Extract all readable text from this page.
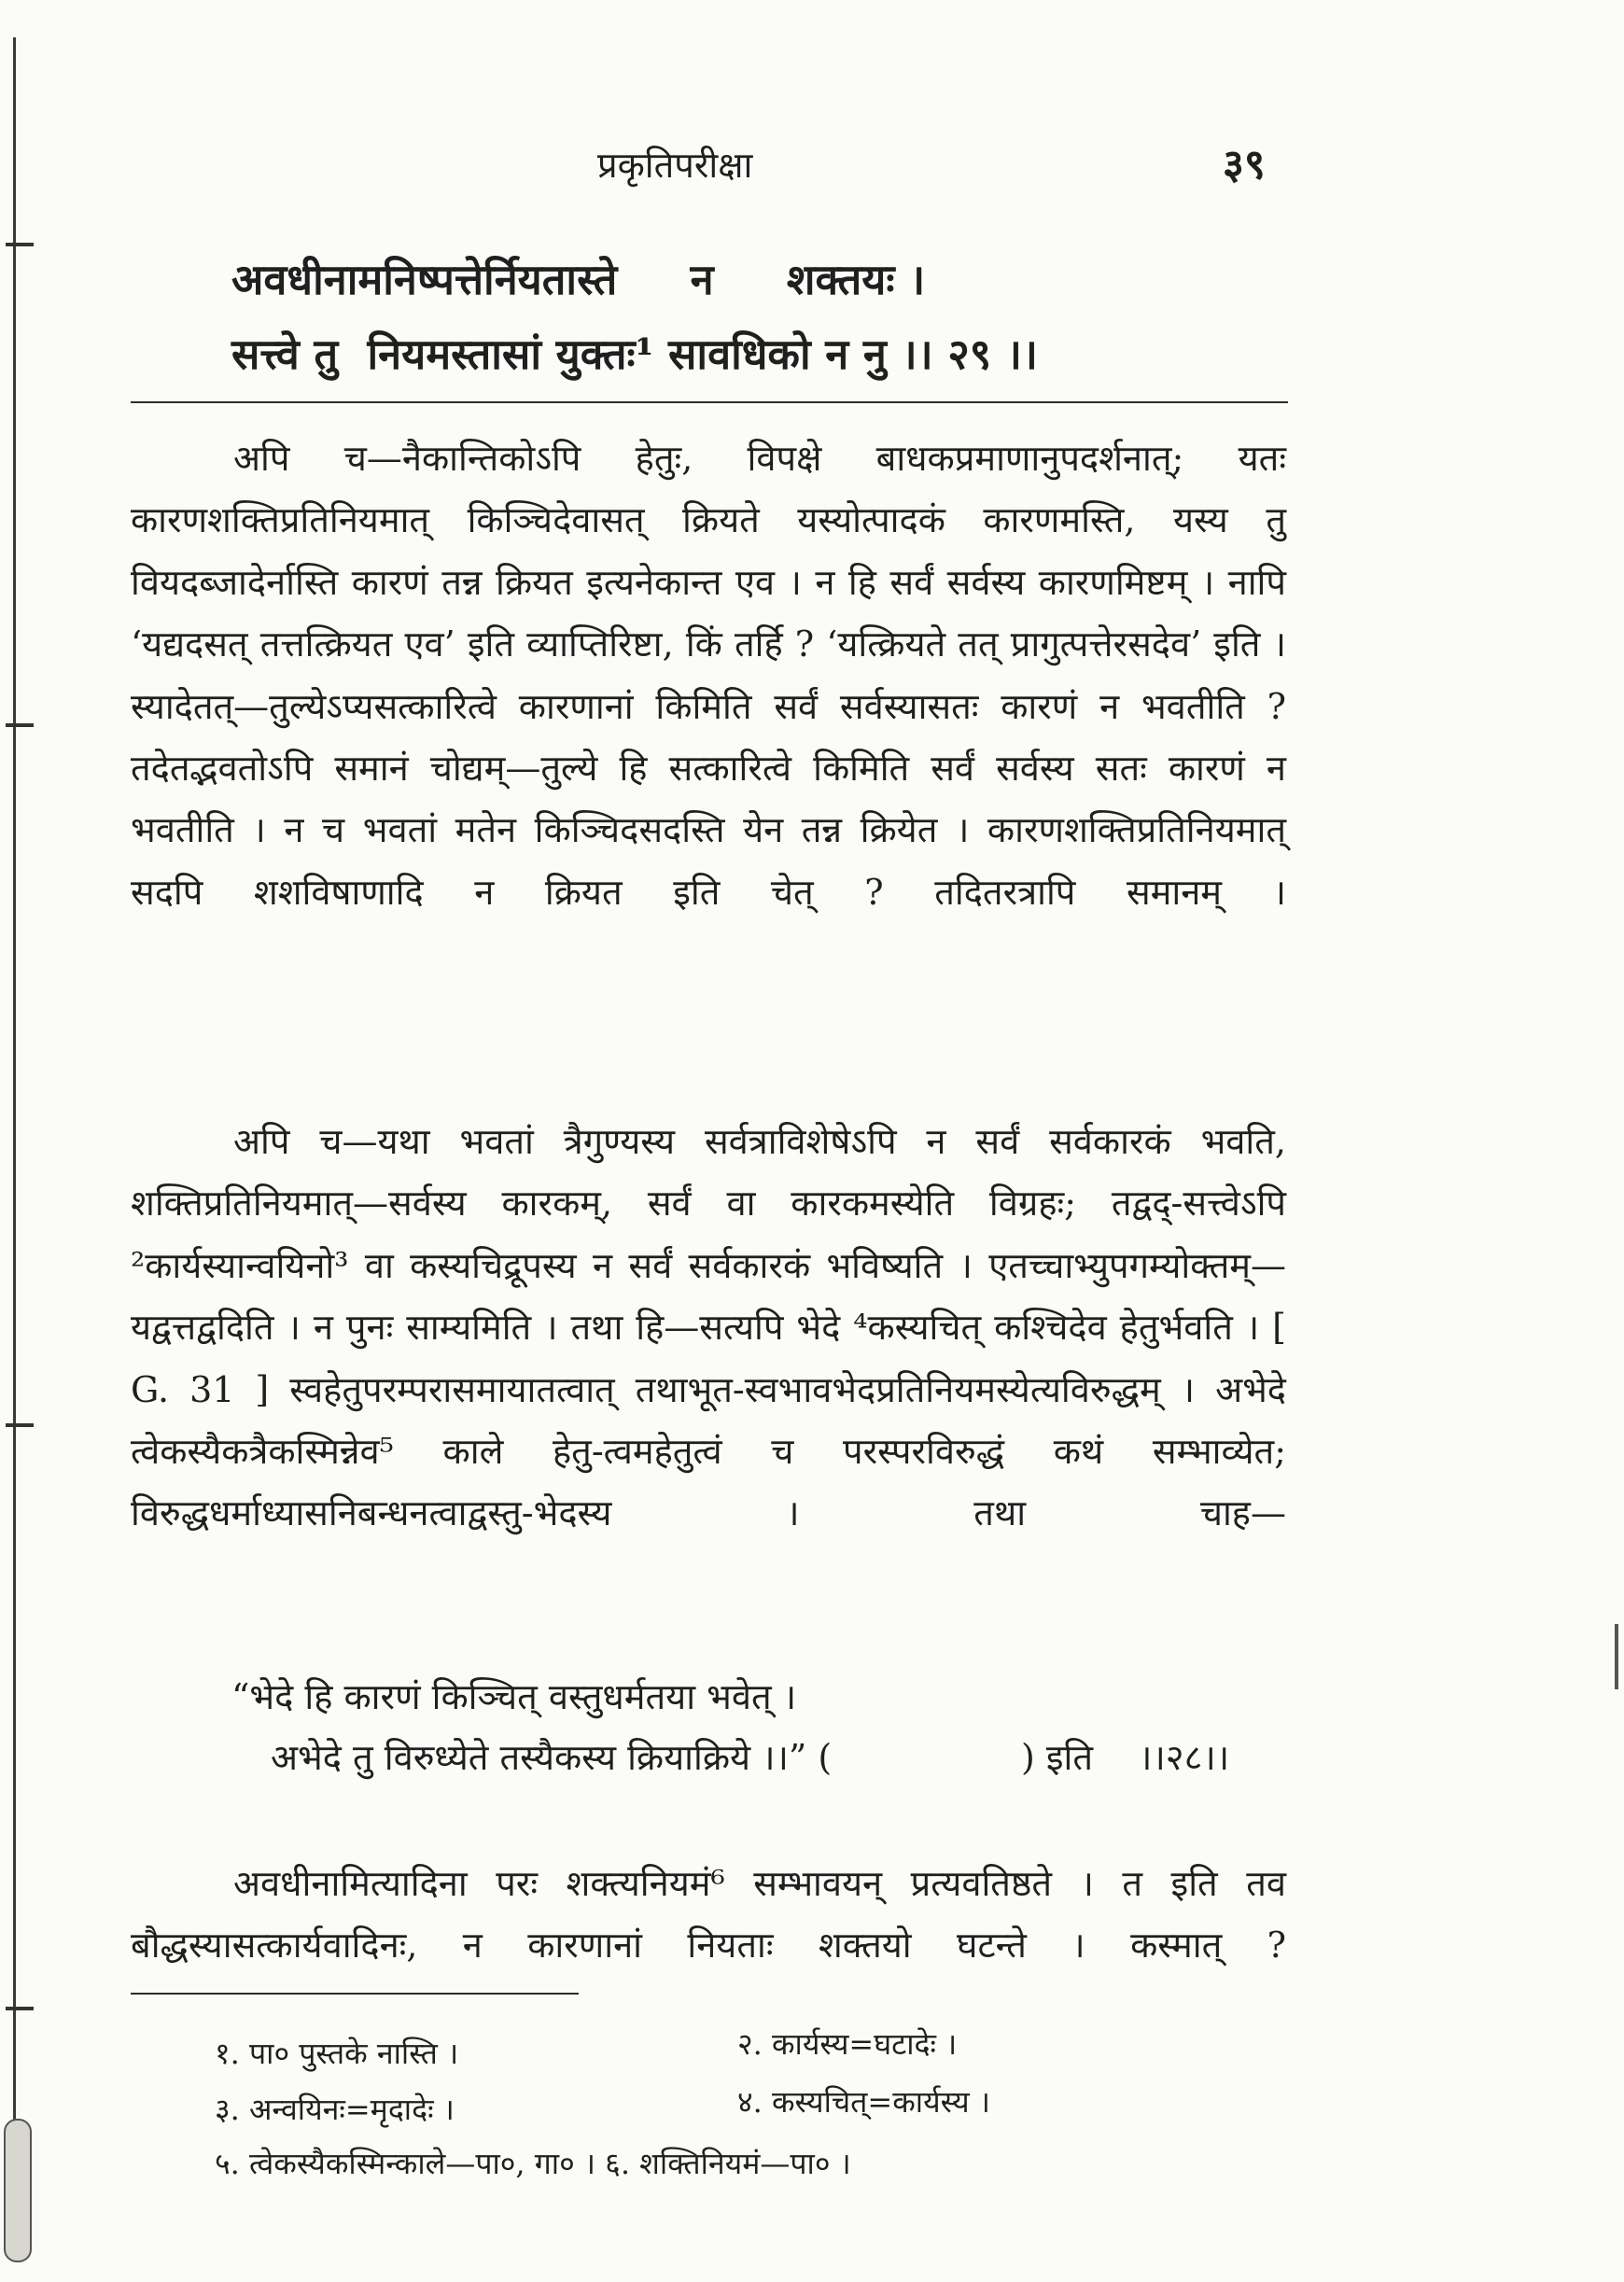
प्रकृतिपरीक्षा	३९
अवधीनामनिष्पत्तेर्नियतास्ते     न     शक्तयः ।
सत्त्वे तु  नियमस्तासां युक्तः¹ सावधिको न नु ।। २९ ।।
अपि च—नैकान्तिकोऽपि हेतुः, विपक्षे बाधकप्रमाणानुपदर्शनात्; यतः कारणशक्तिप्रतिनियमात् किञ्चिदेवासत् क्रियते यस्योत्पादकं कारणमस्ति, यस्य तु वियदब्जादेर्नास्ति कारणं तन्न क्रियत इत्यनेकान्त एव । न हि सर्वं सर्वस्य कारणमिष्टम् । नापि ‘यद्यदसत् तत्तत्क्रियत एव’ इति व्याप्तिरिष्टा, किं तर्हि ? ‘यत्क्रियते तत् प्रागुत्पत्तेरसदेव’ इति । स्यादेतत्—तुल्येऽप्यसत्कारित्वे कारणानां किमिति सर्वं सर्वस्यासतः कारणं न भवतीति ? तदेतद्भवतोऽपि समानं चोद्यम्—तुल्ये हि सत्कारित्वे किमिति सर्वं सर्वस्य सतः कारणं न भवतीति । न च भवतां मतेन किञ्चिदसदस्ति येन तन्न क्रियेत । कारणशक्तिप्रतिनियमात् सदपि शशविषाणादि न क्रियत इति चेत् ? तदितरत्रापि समानम् ।
अपि च—यथा भवतां त्रैगुण्यस्य सर्वत्राविशेषेऽपि न सर्वं सर्वकारकं भवति, शक्तिप्रतिनियमात्—सर्वस्य कारकम्, सर्वं वा कारकमस्येति विग्रहः; तद्वद्-सत्त्वेऽपि ²कार्यस्यान्वयिनो³ वा कस्यचिद्रूपस्य न सर्वं सर्वकारकं भविष्यति । एतच्चाभ्युपगम्योक्तम्—यद्वत्तद्वदिति । न पुनः साम्यमिति । तथा हि—सत्यपि भेदे ⁴कस्यचित् कश्चिदेव हेतुर्भवति । [ G. 31 ] स्वहेतुपरम्परासमायातत्वात् तथाभूत-स्वभावभेदप्रतिनियमस्येत्यविरुद्धम् । अभेदे त्वेकस्यैकत्रैकस्मिन्नेव⁵ काले हेतु-त्वमहेतुत्वं च परस्परविरुद्धं कथं सम्भाव्येत; विरुद्धधर्माध्यासनिबन्धनत्वाद्वस्तु-भेदस्य । तथा चाह—
“भेदे हि कारणं किञ्चित् वस्तुधर्मतया भवेत् ।
अभेदे तु विरुध्येते तस्यैकस्य क्रियाक्रिये ।।” (	) इति ।।२८।।
अवधीनामित्यादिना परः शक्त्यनियमं⁶ सम्भावयन् प्रत्यवतिष्ठते । त इति तव बौद्धस्यासत्कार्यवादिनः, न कारणानां नियताः शक्तयो घटन्ते । कस्मात् ?
१. पा० पुस्तके नास्ति ।	२. कार्यस्य=घटादेः ।
३. अन्वयिनः=मृदादेः ।	४. कस्यचित्=कार्यस्य ।
५. त्वेकस्यैकस्मिन्काले—पा०, गा० । ६. शक्तिनियमं—पा० ।
